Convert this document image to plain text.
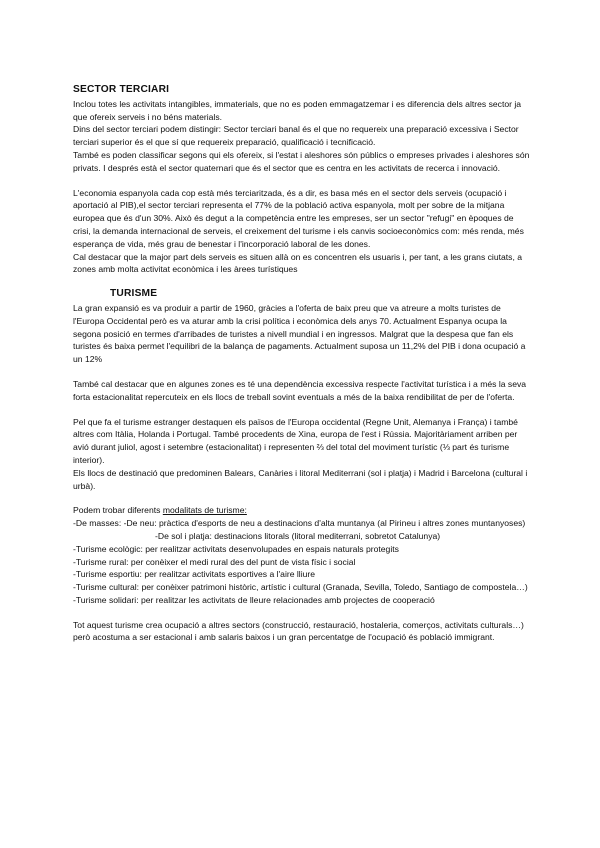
SECTOR TERCIARI

Inclou totes les activitats intangibles, immaterials, que no es poden emmagatzemar i es diferencia dels altres sector ja que ofereix serveis i no béns materials.

Dins del sector terciari podem distingir: Sector terciari banal és el que no requereix una preparació excessiva i Sector terciari superior és el que sí que requereix preparació, qualificació i tecnificació.

També es poden classificar segons qui els ofereix, si l'estat i aleshores són públics o empreses privades i aleshores són privats. I després està el sector quaternari que és el sector que es centra en les activitats de recerca i innovació.

L'economia espanyola cada cop està més terciaritzada, és a dir, es basa més en el sector dels serveis (ocupació i aportació al PIB),el sector terciari representa el 77% de la població activa espanyola, molt per sobre de la mitjana europea que és d'un 30%. Això és degut a la competència entre les empreses, ser un sector "refugi" en èpoques de crisi, la demanda internacional de serveis, el creixement del turisme i els canvis socioeconòmics com: més renda, més esperança de vida, més grau de benestar i l'incorporació laboral de les dones.

Cal destacar que la major part dels serveis es situen allà on es concentren els usuaris i, per tant, a les grans ciutats, a zones amb molta activitat econòmica i les àrees turístiques

TURISME

La gran expansió es va produir a partir de 1960, gràcies a l'oferta de baix preu que va atreure a molts turistes de l'Europa Occidental però es va aturar amb la crisi política i econòmica dels anys 70. Actualment Espanya ocupa la segona posició en termes d'arribades de turistes a nivell mundial i en ingressos. Malgrat que la despesa que fan els turistes és baixa permet l'equilibri de la balança de pagaments. Actualment suposa un 11,2% del PIB i dona ocupació a un 12%

També cal destacar que en algunes zones es té una dependència excessiva respecte l'activitat turística i a més la seva forta estacionalitat repercuteix en els llocs de treball sovint eventuals a més de la baixa rendibilitat de per de l'oferta.

Pel que fa el turisme estranger destaquen els països de l'Europa occidental (Regne Unit, Alemanya i França) i també altres com Itàlia, Holanda i Portugal. També procedents de Xina, europa de l'est i Rússia. Majoritàriament arriben per avió durant juliol, agost i setembre (estacionalitat) i representen ⅔ del total del moviment turístic (⅓ part és turisme interior).

Els llocs de destinació que predominen Balears, Canàries i litoral Mediterrani (sol i platja) i Madrid i Barcelona (cultural i urbà).

Podem trobar diferents modalitats de turisme:

-De masses: -De neu: pràctica d'esports de neu a destinacions d'alta muntanya (al Pirineu i altres zones muntanyoses)

-De sol i platja: destinacions litorals (litoral mediterrani, sobretot Catalunya)

-Turisme ecològic: per realitzar activitats desenvolupades en espais naturals protegits

-Turisme rural: per conèixer el medi rural des del punt de vista físic i social

-Turisme esportiu: per realitzar activitats esportives a l'aire lliure

-Turisme cultural: per conèixer patrimoni històric, artístic i cultural (Granada, Sevilla, Toledo, Santiago de compostela…)

-Turisme solidari: per realitzar les activitats de lleure relacionades amb projectes de cooperació

Tot aquest turisme crea ocupació a altres sectors (construcció, restauració, hostaleria, comerços, activitats culturals…) però acostuma a ser estacional i amb salaris baixos i un gran percentatge de l'ocupació és població immigrant.
